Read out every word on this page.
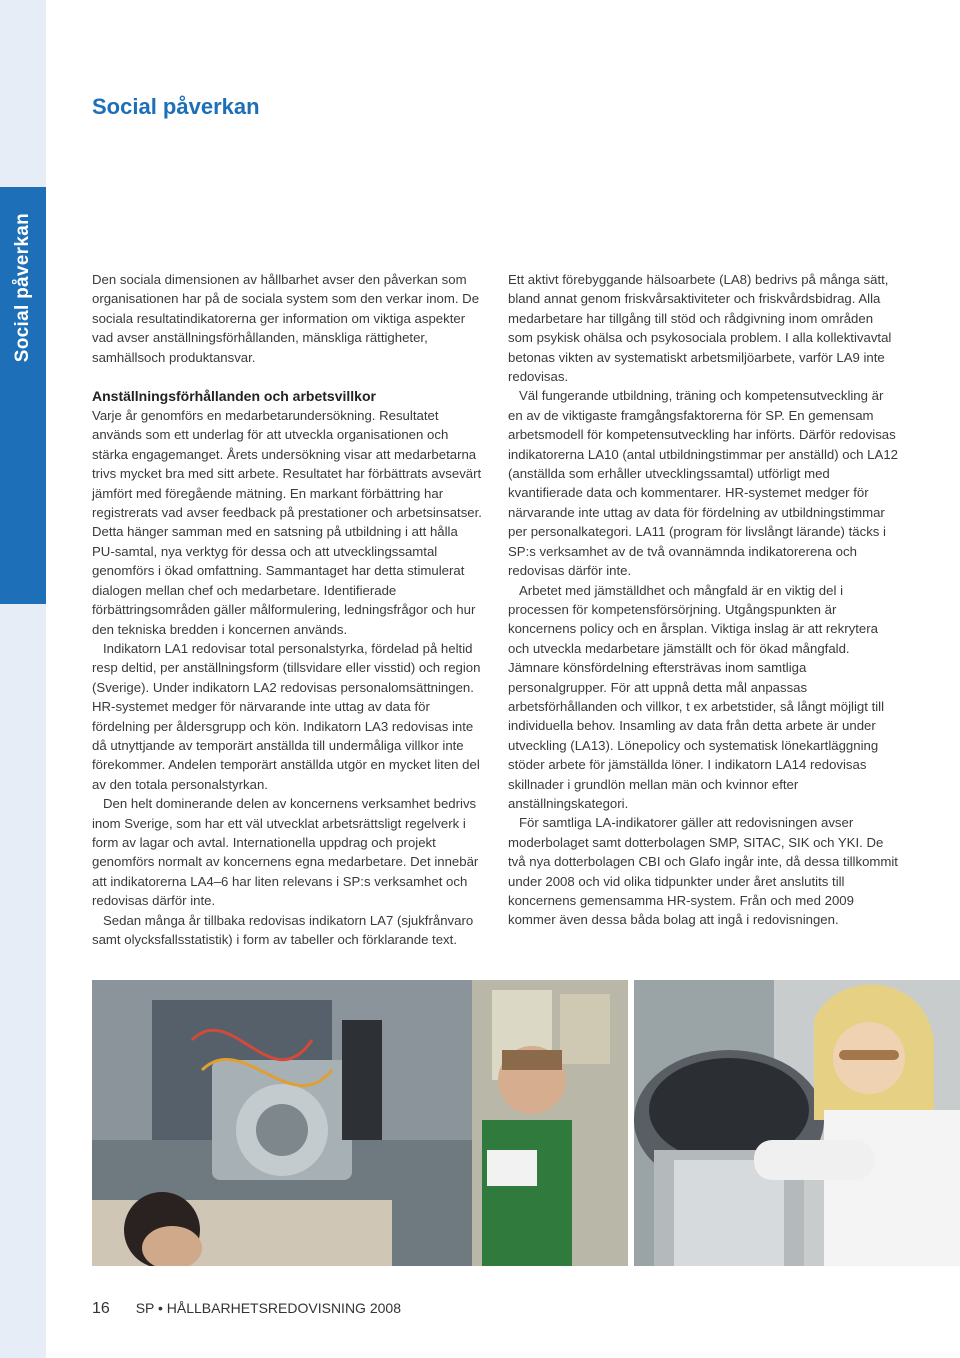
Social påverkan
Social påverkan

Den sociala dimensionen av hållbarhet avser den påverkan som organisationen har på de sociala system som den verkar inom. De sociala resultatindikatorerna ger information om viktiga aspekter vad avser anställningsförhållanden, mänskliga rättigheter, samhällsoch produktansvar.

Anställningsförhållanden och arbetsvillkor

Varje år genomförs en medarbetarundersökning. Resultatet används som ett underlag för att utveckla organisationen och stärka engagemanget. Årets undersökning visar att medarbetarna trivs mycket bra med sitt arbete. Resultatet har förbättrats avsevärt jämfört med föregående mätning. En markant förbättring har registrerats vad avser feedback på prestationer och arbetsinsatser. Detta hänger samman med en satsning på utbildning i att hålla PU-samtal, nya verktyg för dessa och att utvecklingssamtal genomförs i ökad omfattning. Sammantaget har detta stimulerat dialogen mellan chef och medarbetare. Identifierade förbättringsområden gäller målformulering, ledningsfrågor och hur den tekniska bredden i koncernen används.

Indikatorn LA1 redovisar total personalstyrka, fördelad på heltid resp deltid, per anställningsform (tillsvidare eller visstid) och region (Sverige). Under indikatorn LA2 redovisas personalomsättningen. HR-systemet medger för närvarande inte uttag av data för fördelning per åldersgrupp och kön. Indikatorn LA3 redovisas inte då utnyttjande av temporärt anställda till undermåliga villkor inte förekommer. Andelen temporärt anställda utgör en mycket liten del av den totala personalstyrkan.

Den helt dominerande delen av koncernens verksamhet bedrivs inom Sverige, som har ett väl utvecklat arbetsrättsligt regelverk i form av lagar och avtal. Internationella uppdrag och projekt genomförs normalt av koncernens egna medarbetare. Det innebär att indikatorerna LA4–6 har liten relevans i SP:s verksamhet och redovisas därför inte.

Sedan många år tillbaka redovisas indikatorn LA7 (sjukfrånvaro samt olycksfallsstatistik) i form av tabeller och förklarande text.

Ett aktivt förebyggande hälsoarbete (LA8) bedrivs på många sätt, bland annat genom friskvårsaktiviteter och friskvårdsbidrag. Alla medarbetare har tillgång till stöd och rådgivning inom områden som psykisk ohälsa och psykosociala problem. I alla kollektivavtal betonas vikten av systematiskt arbetsmiljöarbete, varför LA9 inte redovisas.

Väl fungerande utbildning, träning och kompetensutveckling är en av de viktigaste framgångsfaktorerna för SP. En gemensam arbetsmodell för kompetensutveckling har införts. Därför redovisas indikatorerna LA10 (antal utbildningstimmar per anställd) och LA12 (anställda som erhåller utvecklingssamtal) utförligt med kvantifierade data och kommentarer. HR-systemet medger för närvarande inte uttag av data för fördelning av utbildningstimmar per personalkategori. LA11 (program för livslångt lärande) täcks i SP:s verksamhet av de två ovannämnda indikatorerena och redovisas därför inte.

Arbetet med jämställdhet och mångfald är en viktig del i processen för kompetensförsörjning. Utgångspunkten är koncernens policy och en årsplan. Viktiga inslag är att rekrytera och utveckla medarbetare jämställt och för ökad mångfald. Jämnare könsfördelning eftersträvas inom samtliga personalgrupper. För att uppnå detta mål anpassas arbetsförhållanden och villkor, t ex arbetstider, så långt möjligt till individuella behov. Insamling av data från detta arbete är under utveckling (LA13). Lönepolicy och systematisk lönekartläggning stöder arbete för jämställda löner. I indikatorn LA14 redovisas skillnader i grundlön mellan män och kvinnor efter anställningskategori.

För samtliga LA-indikatorer gäller att redovisningen avser moderbolaget samt dotterbolagen SMP, SITAC, SIK och YKI. De två nya dotterbolagen CBI och Glafo ingår inte, då dessa tillkommit under 2008 och vid olika tidpunkter under året anslutits till koncernens gemensamma HR-system. Från och med 2009 kommer även dessa båda bolag att ingå i redovisningen.

16 SP • HÅLLBARHETSREDOVISNING 2008
